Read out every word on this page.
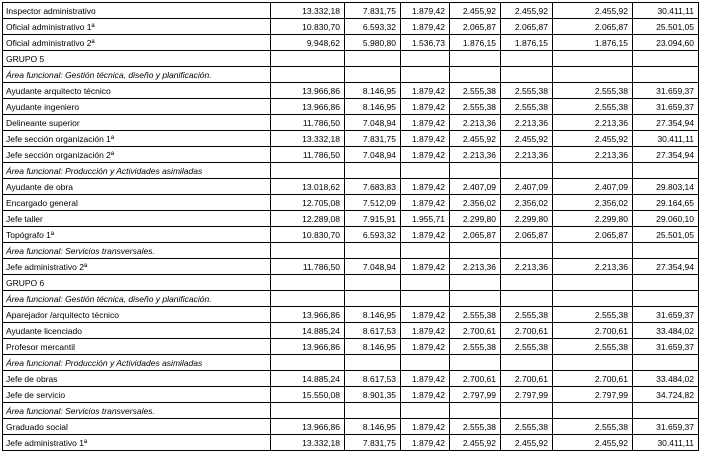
Inspector administrativo	13.332,18	7.831,75	1.879,42	2.455,92	2.455,92	2.455,92	30.411,11
Oficial administrativo 1ª	10.830,70	6.593,32	1.879,42	2.065,87	2.065,87	2.065,87	25.501,05
Oficial administrativo 2ª	9.948,62	5.980,80	1.536,73	1.876,15	1.876,15	1.876,15	23.094,60
GRUPO 5							
Área funcional: Gestión técnica, diseño y planificación.							
Ayudante arquitecto técnico	13.966,86	8.146,95	1.879,42	2.555,38	2.555,38	2.555,38	31.659,37
Ayudante ingeniero	13.966,86	8.146,95	1.879,42	2.555,38	2.555,38	2.555,38	31.659,37
Delineante superior	11.786,50	7.048,94	1.879,42	2.213,36	2.213,36	2.213,36	27.354,94
Jefe sección organización 1ª	13.332,18	7.831,75	1.879,42	2.455,92	2.455,92	2.455,92	30.411,11
Jefe sección organización 2ª	11.786,50	7.048,94	1.879,42	2.213,36	2.213,36	2.213,36	27.354,94
Área funcional: Producción y Actividades asimiladas							
Ayudante de obra	13.018,62	7.683,83	1.879,42	2.407,09	2.407,09	2.407,09	29.803,14
Encargado general	12.705,08	7.512,09	1.879,42	2.356,02	2.356,02	2.356,02	29.164,65
Jefe taller	12.289,08	7.915,91	1.955,71	2.299,80	2.299,80	2.299,80	29.060,10
Topógrafo 1ª	10.830,70	6.593,32	1.879,42	2.065,87	2.065,87	2.065,87	25.501,05
Área funcional: Servicios transversales.							
Jefe administrativo 2ª	11.786,50	7.048,94	1.879,42	2.213,36	2.213,36	2.213,36	27.354,94
GRUPO 6							
Área funcional: Gestión técnica, diseño y planificación.							
Aparejador /arquitecto técnico	13.966,86	8.146,95	1.879,42	2.555,38	2.555,38	2.555,38	31.659,37
Ayudante licenciado	14.885,24	8.617,53	1.879,42	2.700,61	2.700,61	2.700,61	33.484,02
Profesor mercantil	13.966,86	8.146,95	1.879,42	2.555,38	2.555,38	2.555,38	31.659,37
Área funcional: Producción y Actividades asimiladas							
Jefe de obras	14.885,24	8.617,53	1.879,42	2.700,61	2.700,61	2.700,61	33.484,02
Jefe de servicio	15.550,08	8.901,35	1.879,42	2.797,99	2.797,99	2.797,99	34.724,82
Área funcional: Servicios transversales.							
Graduado social	13.966,86	8.146,95	1.879,42	2.555,38	2.555,38	2.555,38	31.659,37
Jefe administrativo 1ª	13.332,18	7.831,75	1.879,42	2.455,92	2.455,92	2.455,92	30.411,11
